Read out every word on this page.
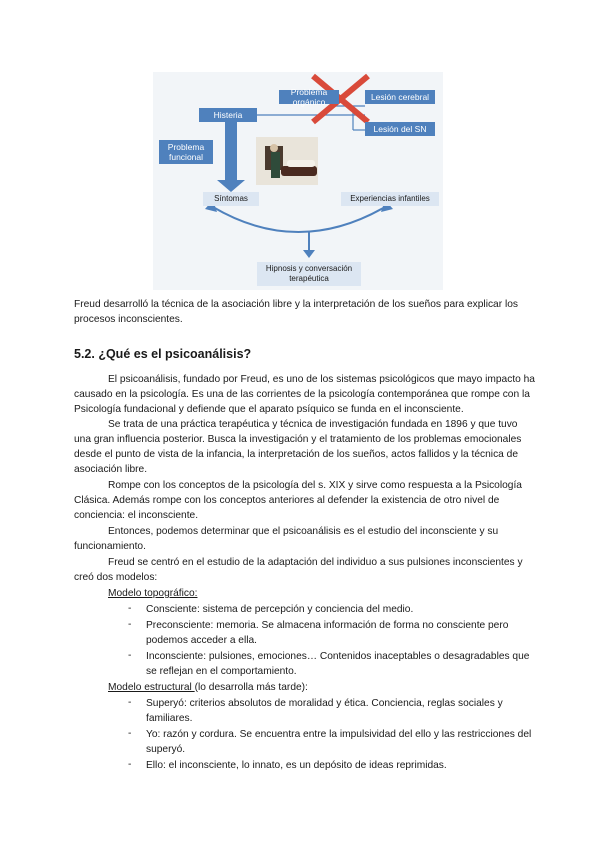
Histeria
Problema orgánico	Lesión cerebral
Lesión del SN
Problema funcional
Síntomas	Experiencias infantiles
Hipnosis y conversación terapéutica
Freud desarrolló la técnica de la asociación libre y la interpretación de los sueños para explicar los
procesos inconscientes.
5.2. ¿Qué es el psicoanálisis?
El psicoanálisis, fundado por Freud, es uno de los sistemas psicológicos que mayo impacto ha
causado en la psicología. Es una de las corrientes de la psicología contemporánea que rompe con la
Psicología fundacional y defiende que el aparato psíquico se funda en el inconsciente.
Se trata de una práctica terapéutica y técnica de investigación fundada en 1896 y que tuvo
una gran influencia posterior. Busca la investigación y el tratamiento de los problemas emocionales
desde el punto de vista de la infancia, la interpretación de los sueños, actos fallidos y la técnica de
asociación libre.
Rompe con los conceptos de la psicología del s. XIX y sirve como respuesta a la Psicología
Clásica. Además rompe con los conceptos anteriores al defender la existencia de otro nivel de
conciencia: el inconsciente.
Entonces, podemos determinar que el psicoanálisis es el estudio del inconsciente y su
funcionamiento.
Freud se centró en el estudio de la adaptación del individuo a sus pulsiones inconscientes y
creó dos modelos:
Modelo topográfico:
- Consciente: sistema de percepción y conciencia del medio.
- Preconsciente: memoria. Se almacena información de forma no consciente pero
podemos acceder a ella.
- Inconsciente: pulsiones, emociones… Contenidos inaceptables o desagradables que
se reflejan en el comportamiento.
Modelo estructural (lo desarrolla más tarde):
- Superyó: criterios absolutos de moralidad y ética. Conciencia, reglas sociales y
familiares.
- Yo: razón y cordura. Se encuentra entre la impulsividad del ello y las restricciones del
superyó.
- Ello: el inconsciente, lo innato, es un depósito de ideas reprimidas.
